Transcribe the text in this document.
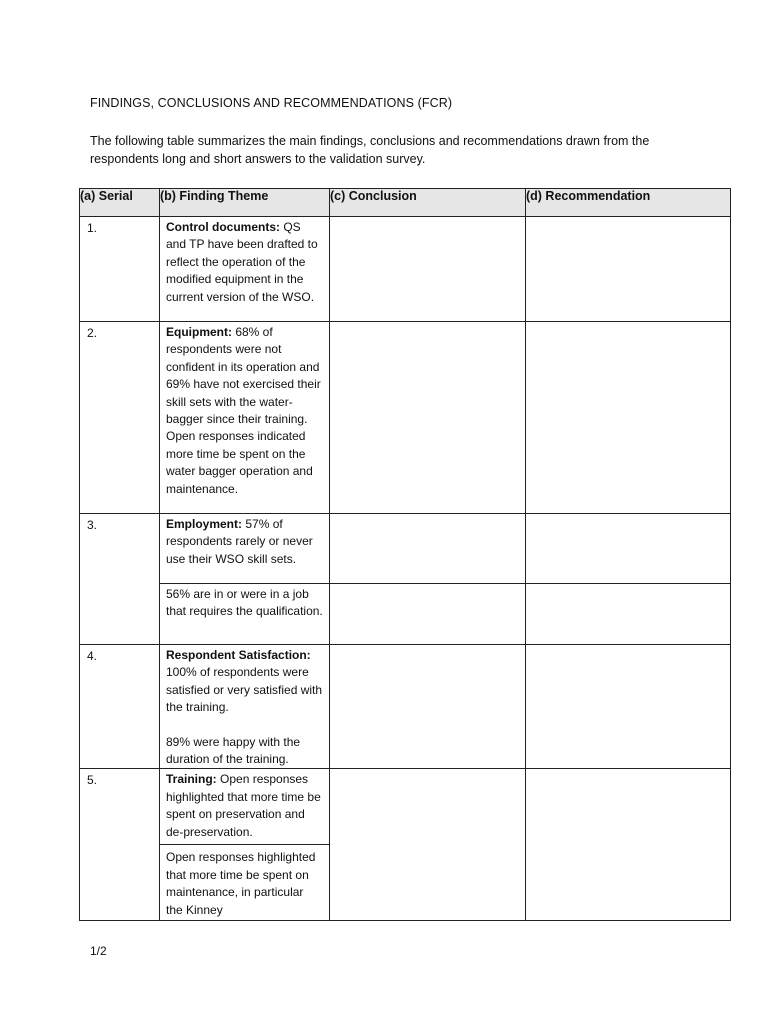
FINDINGS, CONCLUSIONS AND RECOMMENDATIONS (FCR)
The following table summarizes the main findings, conclusions and recommendations drawn from the respondents long and short answers to the validation survey.
(a) Serial	(b) Finding Theme	(c) Conclusion	(d) Recommendation
1.	Control documents: QS and TP have been drafted to reflect the operation of the modified equipment in the current version of the WSO.		

2.	Equipment: 68% of respondents were not confident in its operation and 69% have not exercised their skill sets with the water-bagger since their training. Open responses indicated more time be spent on the water bagger operation and maintenance.		

3.	Employment: 57% of respondents rarely or never use their WSO skill sets.		

	56% are in or were in a job that requires the qualification.		

4.	Respondent Satisfaction: 100% of respondents were satisfied or very satisfied with the training.
89% were happy with the duration of the training.		

5.	Training: Open responses highlighted that more time be spent on preservation and de-preservation.
Open responses highlighted that more time be spent on maintenance, in particular the Kinney		

1/2
